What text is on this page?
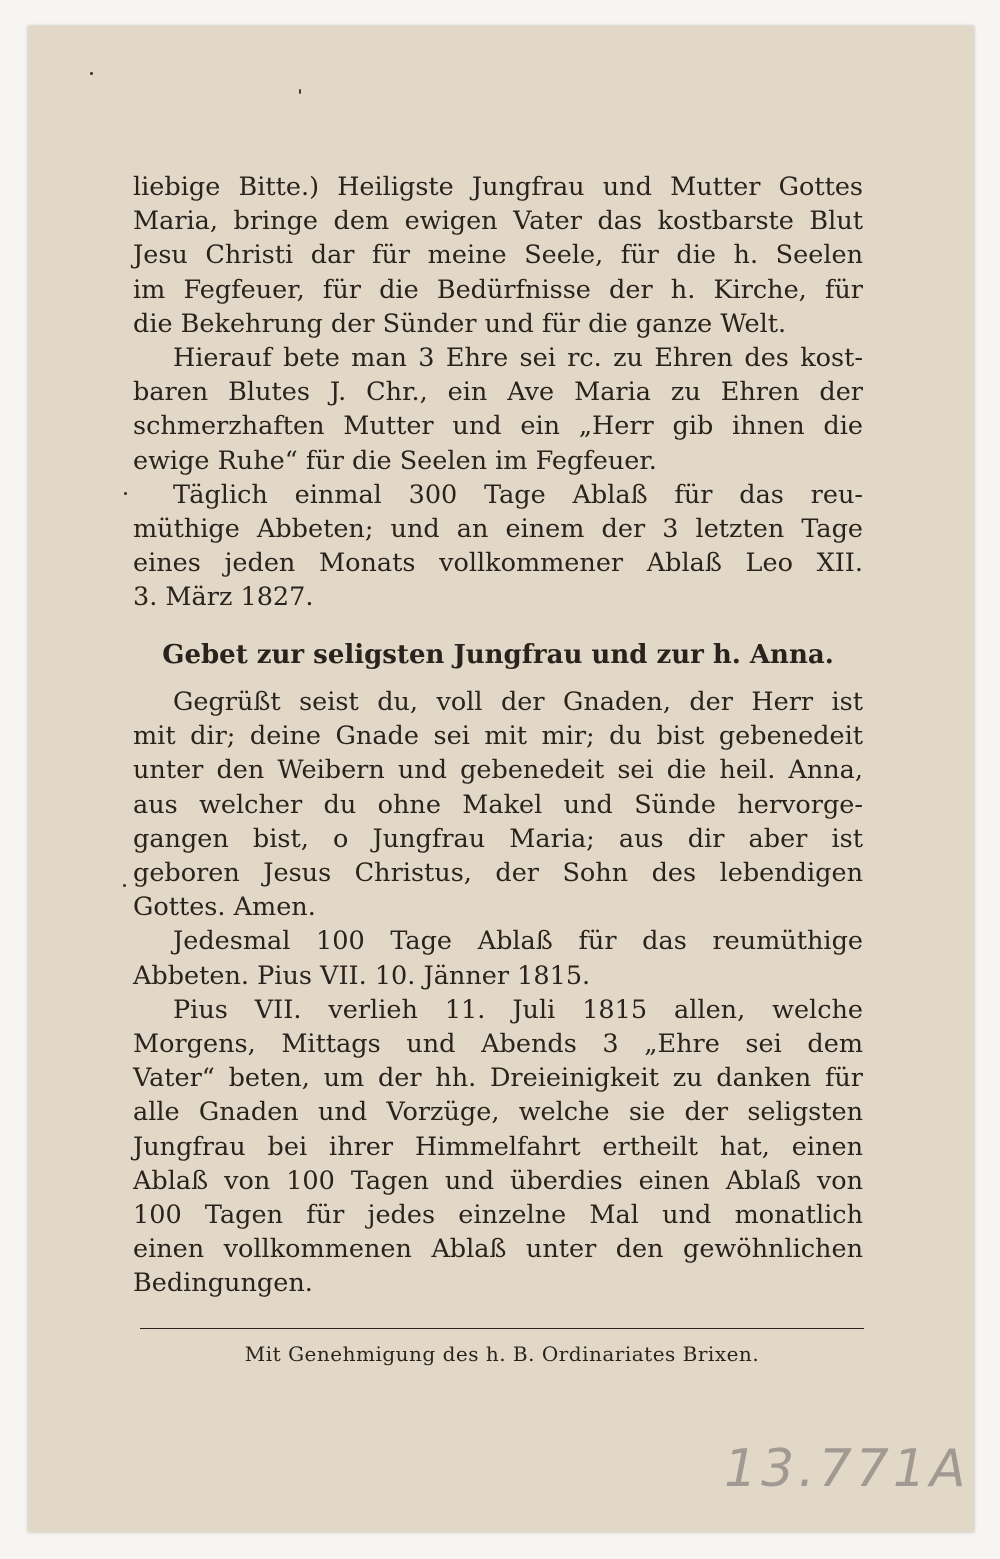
liebige Bitte.) Heiligste Jungfrau und Mutter Gottes
Maria, bringe dem ewigen Vater das kostbarste Blut
Jesu Christi dar für meine Seele, für die h. Seelen
im Fegfeuer, für die Bedürfnisse der h. Kirche, für
die Bekehrung der Sünder und für die ganze Welt.
Hierauf bete man 3 Ehre sei rc. zu Ehren des kost-
baren Blutes J. Chr., ein Ave Maria zu Ehren der
schmerzhaften Mutter und ein „Herr gib ihnen die
ewige Ruhe“ für die Seelen im Fegfeuer.
Täglich einmal 300 Tage Ablaß für das reu-
müthige Abbeten; und an einem der 3 letzten Tage
eines jeden Monats vollkommener Ablaß Leo XII.
3. März 1827.
Gebet zur seligsten Jungfrau und zur h. Anna.
Gegrüßt seist du, voll der Gnaden, der Herr ist
mit dir; deine Gnade sei mit mir; du bist gebenedeit
unter den Weibern und gebenedeit sei die heil. Anna,
aus welcher du ohne Makel und Sünde hervorge-
gangen bist, o Jungfrau Maria; aus dir aber ist
geboren Jesus Christus, der Sohn des lebendigen
Gottes. Amen.
Jedesmal 100 Tage Ablaß für das reumüthige
Abbeten. Pius VII. 10. Jänner 1815.
Pius VII. verlieh 11. Juli 1815 allen, welche
Morgens, Mittags und Abends 3 „Ehre sei dem
Vater“ beten, um der hh. Dreieinigkeit zu danken für
alle Gnaden und Vorzüge, welche sie der seligsten
Jungfrau bei ihrer Himmelfahrt ertheilt hat, einen
Ablaß von 100 Tagen und überdies einen Ablaß von
100 Tagen für jedes einzelne Mal und monatlich
einen vollkommenen Ablaß unter den gewöhnlichen
Bedingungen.
Mit Genehmigung des h. B. Ordinariates Brixen.
13.771A
